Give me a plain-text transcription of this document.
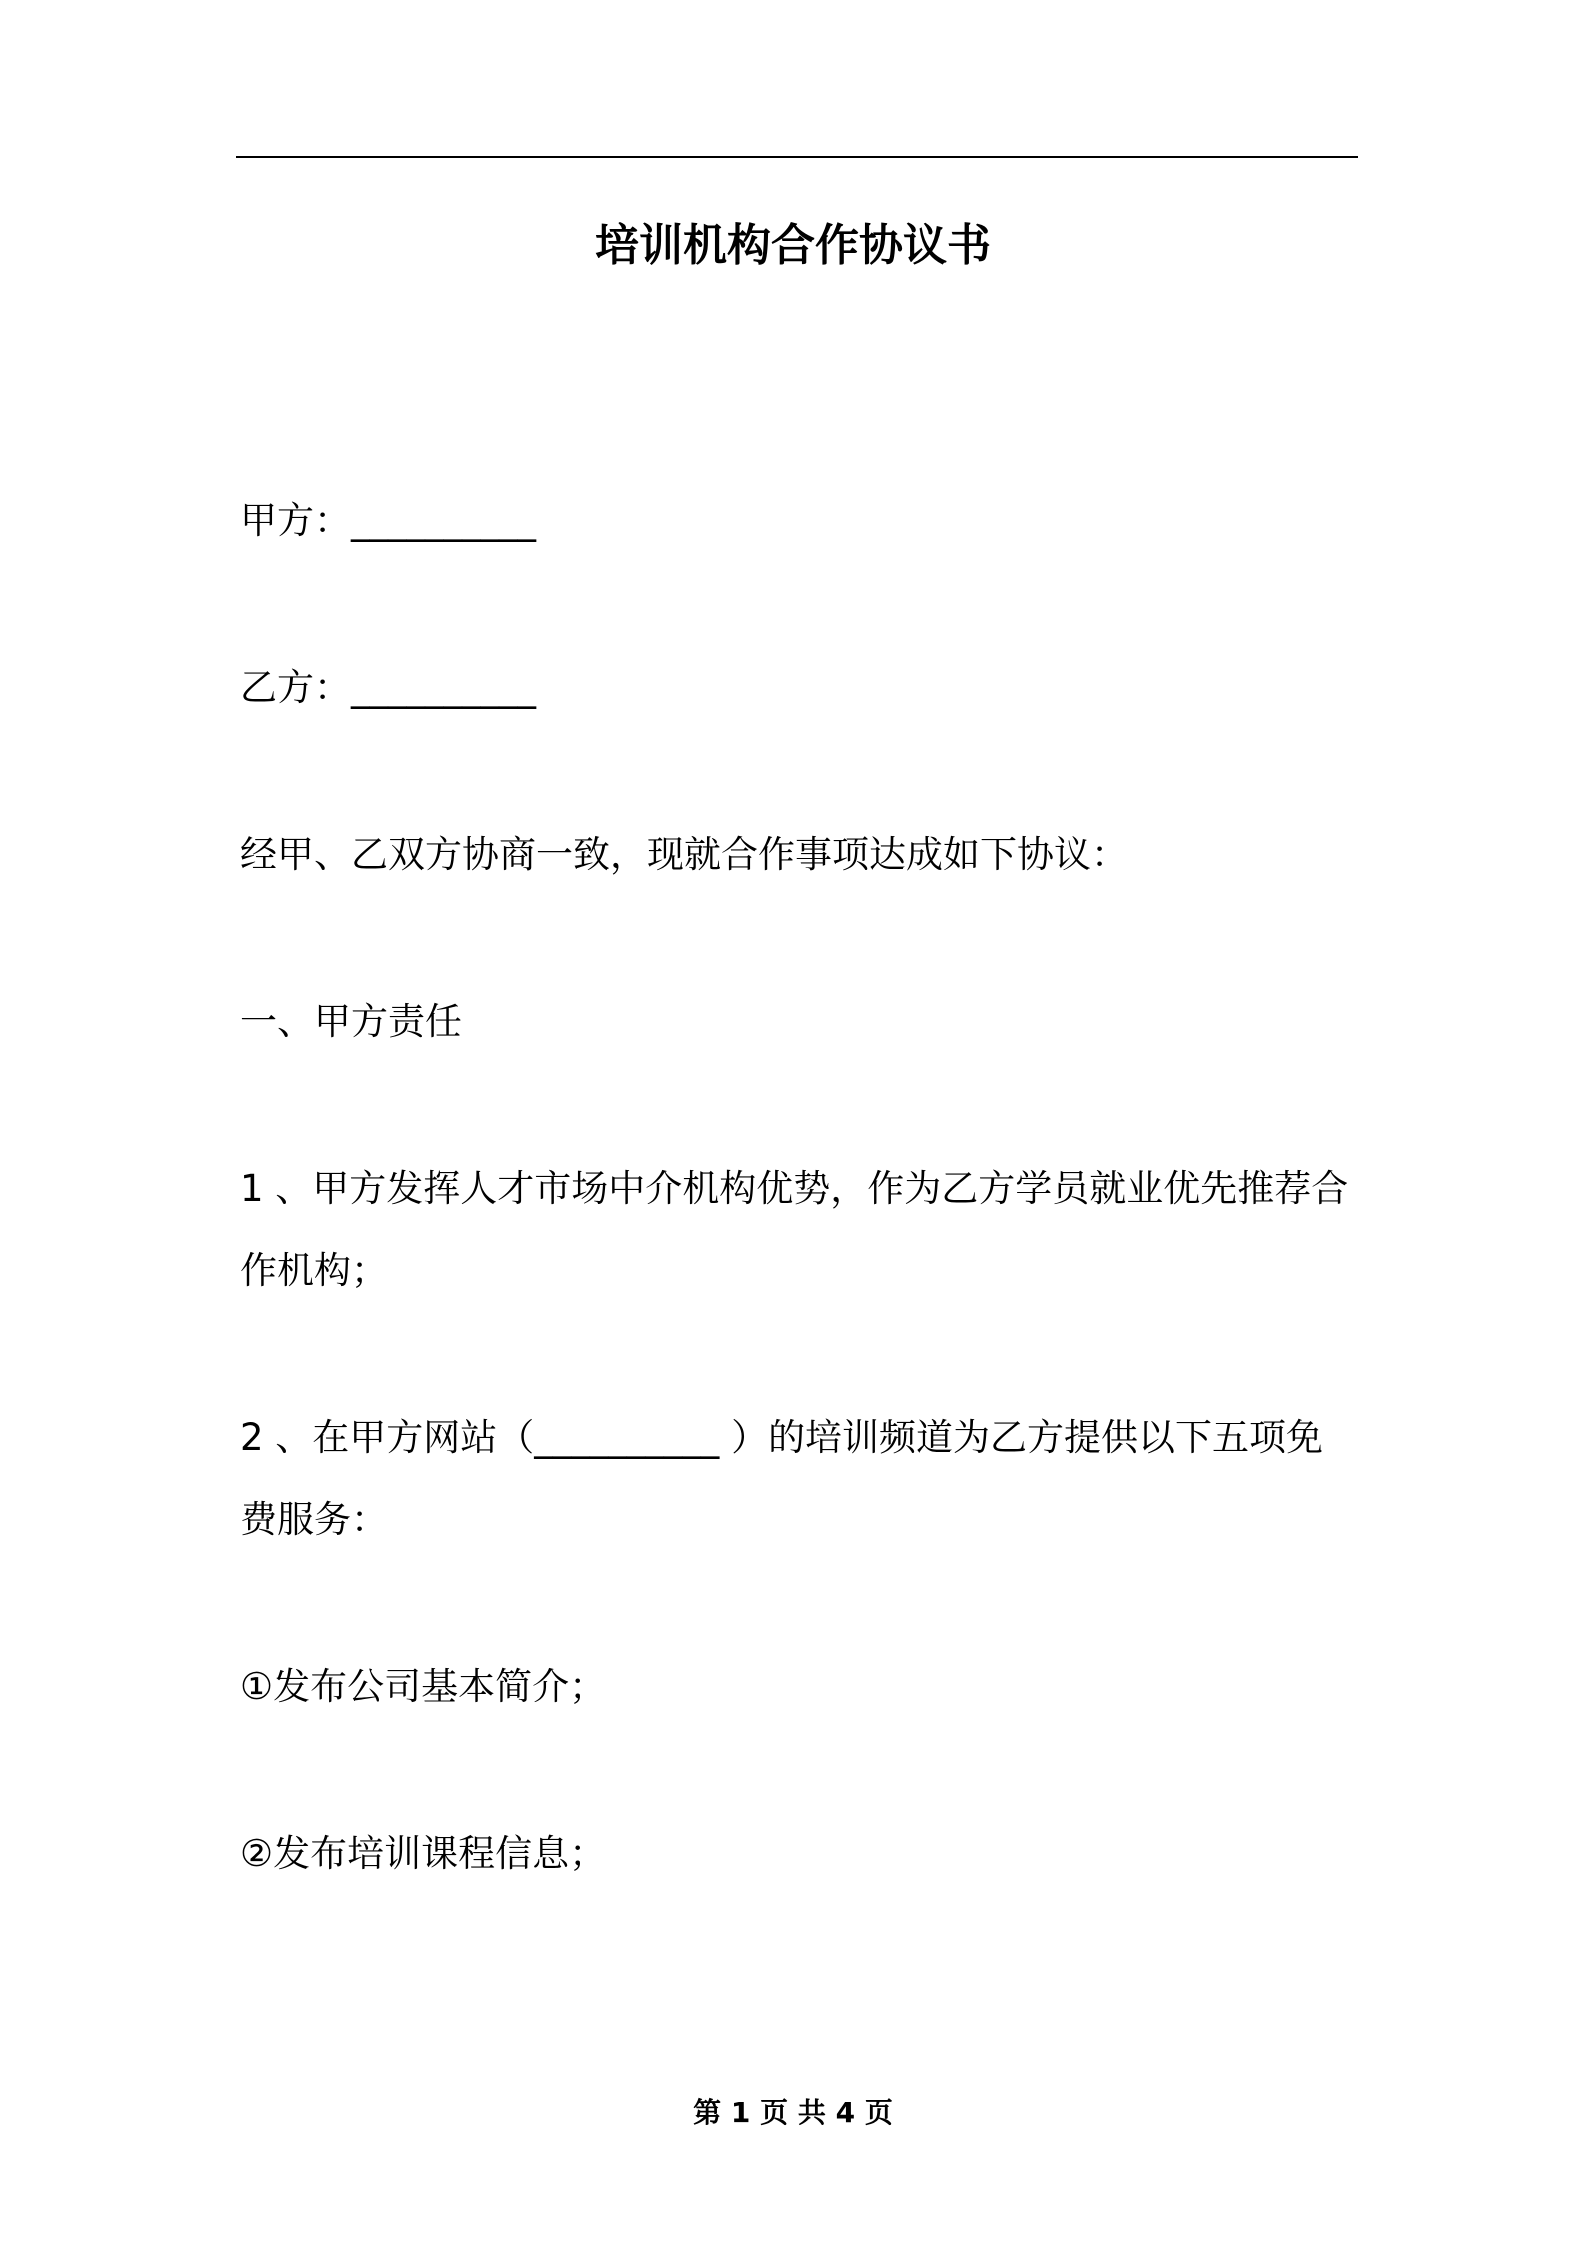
培训机构合作协议书
甲方：__________
乙方：__________
经甲、乙双方协商一致，现就合作事项达成如下协议：
一、甲方责任
1 、甲方发挥人才市场中介机构优势，作为乙方学员就业优先推荐合
作机构；
2 、在甲方网站（__________ ）的培训频道为乙方提供以下五项免
费服务：
①发布公司基本简介；
②发布培训课程信息；
第 1 页 共 4 页
